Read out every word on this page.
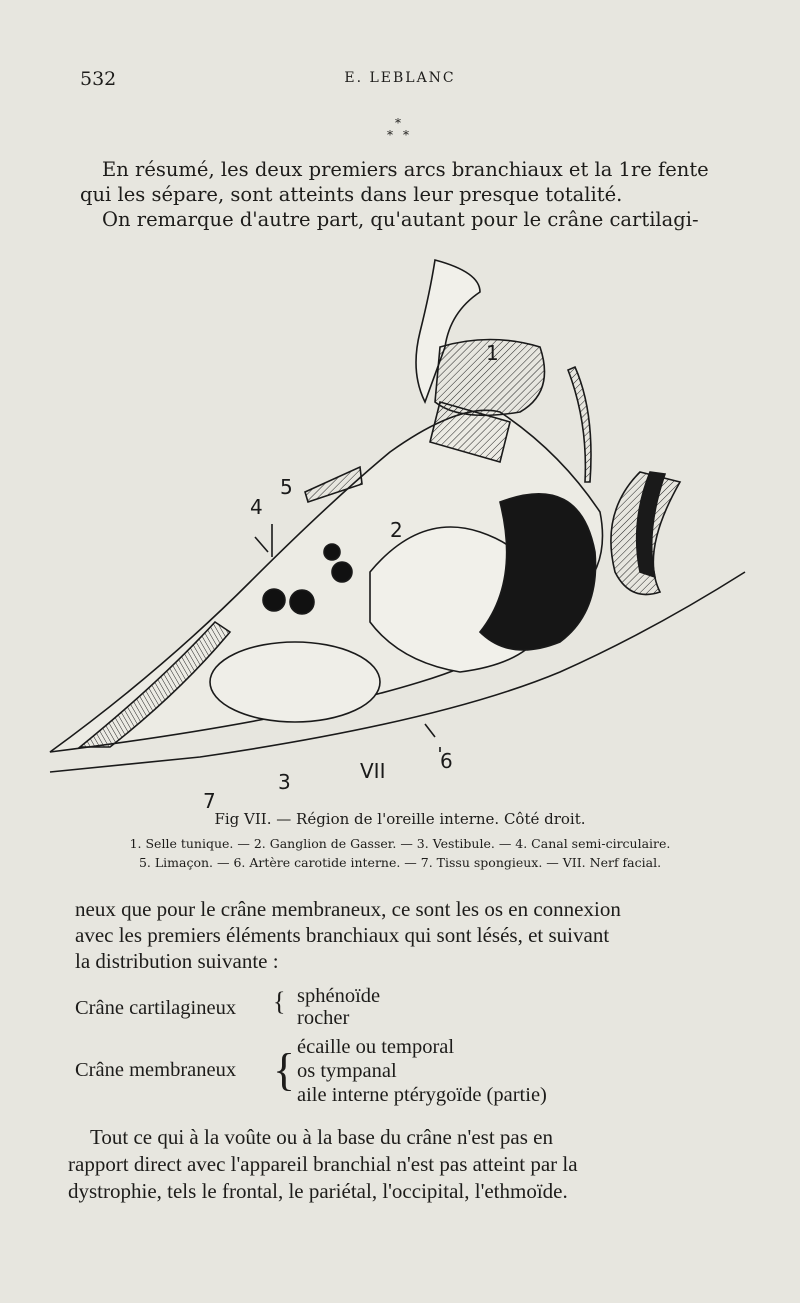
532	E. LEBLANC
*
* *
En résumé, les deux premiers arcs branchiaux et la 1re fente
qui les sépare, sont atteints dans leur presque totalité.
On remarque d'autre part, qu'autant pour le crâne cartilagi-
1
2
3
4
5
6
7
VII
Fig VII. — Région de l'oreille interne. Côté droit.
1. Selle tunique. — 2. Ganglion de Gasser. — 3. Vestibule. — 4. Canal semi-circulaire.
5. Limaçon. — 6. Artère carotide interne. — 7. Tissu spongieux. — VII. Nerf facial.
neux que pour le crâne membraneux, ce sont les os en connexion
avec les premiers éléments branchiaux qui sont lésés, et suivant
la distribution suivante :
Crâne cartilagineux { sphénoïde
rocher
Crâne membraneux { écaille ou temporal
os tympanal
aile interne ptérygoïde (partie)
Tout ce qui à la voûte ou à la base du crâne n'est pas en
rapport direct avec l'appareil branchial n'est pas atteint par la
dystrophie, tels le frontal, le pariétal, l'occipital, l'ethmoïde.
